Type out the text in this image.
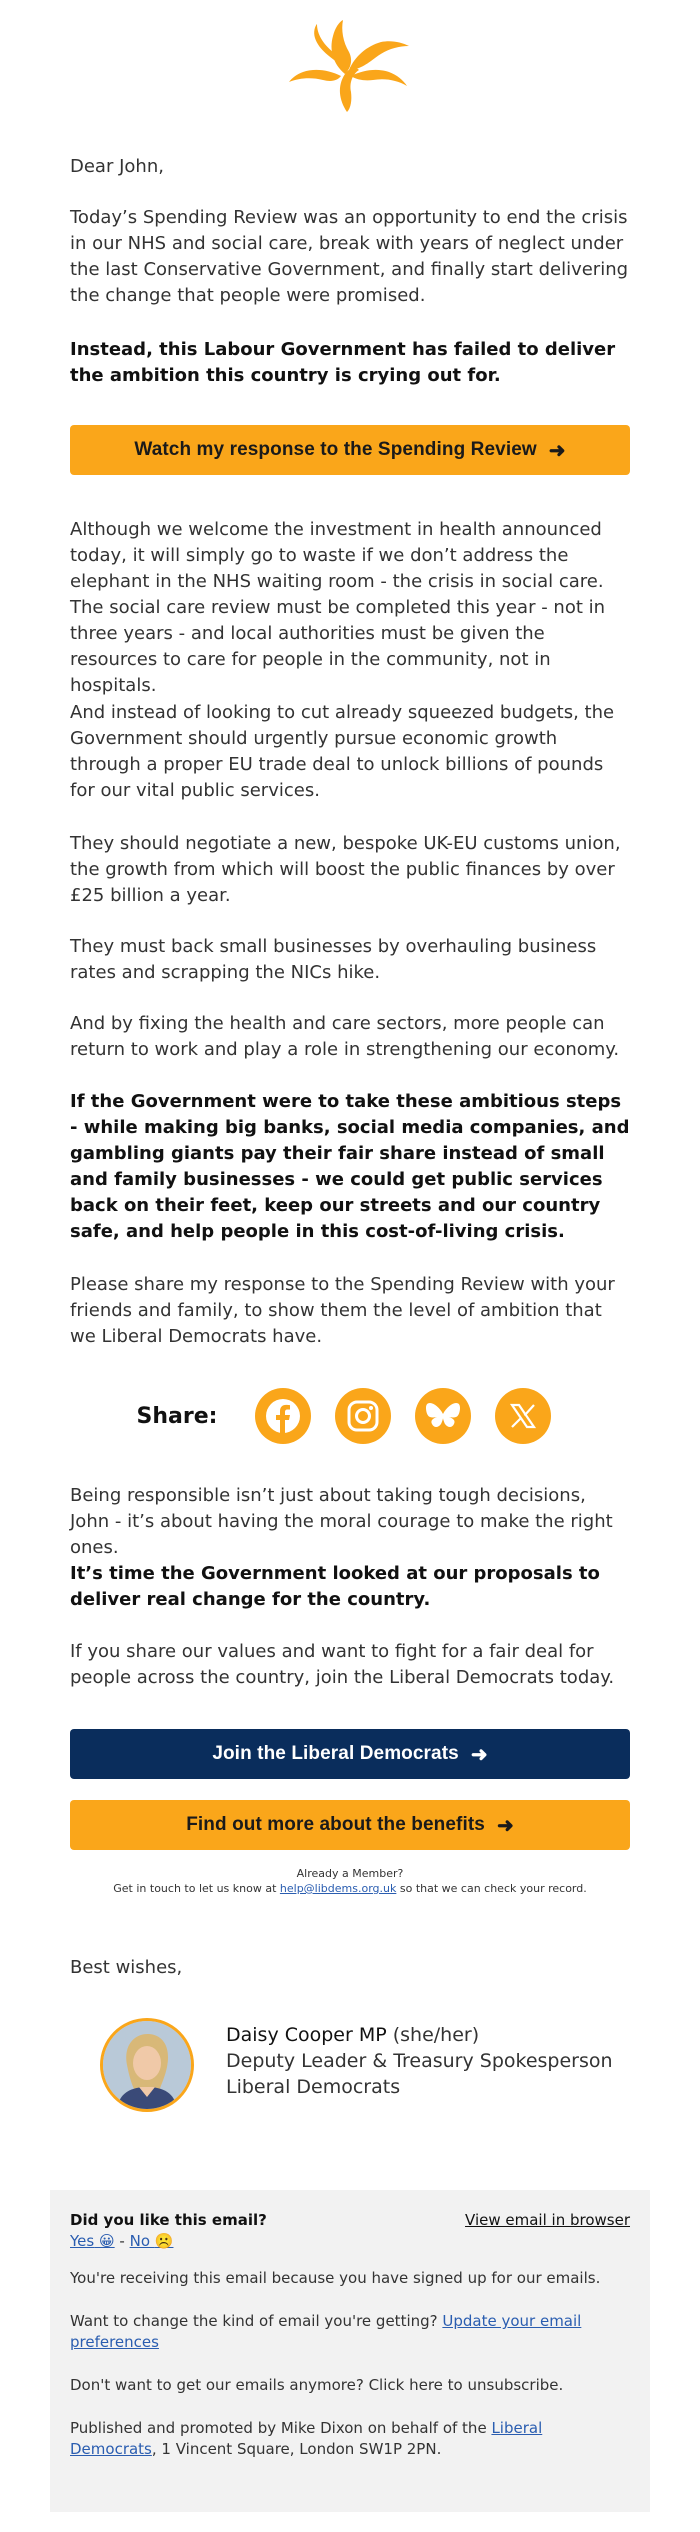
Dear John,

Today’s Spending Review was an opportunity to end the crisis in our NHS and social care, break with years of neglect under the last Conservative Government, and finally start delivering the change that people were promised.

Instead, this Labour Government has failed to deliver the ambition this country is crying out for.

Watch my response to the Spending Review ➜

Although we welcome the investment in health announced today, it will simply go to waste if we don’t address the elephant in the NHS waiting room - the crisis in social care. The social care review must be completed this year - not in three years - and local authorities must be given the resources to care for people in the community, not in hospitals.

And instead of looking to cut already squeezed budgets, the Government should urgently pursue economic growth through a proper EU trade deal to unlock billions of pounds for our vital public services.

They should negotiate a new, bespoke UK-EU customs union, the growth from which will boost the public finances by over £25 billion a year.

They must back small businesses by overhauling business rates and scrapping the NICs hike.

And by fixing the health and care sectors, more people can return to work and play a role in strengthening our economy.

If the Government were to take these ambitious steps - while making big banks, social media companies, and gambling giants pay their fair share instead of small and family businesses - we could get public services back on their feet, keep our streets and our country safe, and help people in this cost-of-living crisis.

Please share my response to the Spending Review with your friends and family, to show them the level of ambition that we Liberal Democrats have.

Share:

Being responsible isn’t just about taking tough decisions, John - it’s about having the moral courage to make the right ones.

It’s time the Government looked at our proposals to deliver real change for the country.

If you share our values and want to fight for a fair deal for people across the country, join the Liberal Democrats today.

Join the Liberal Democrats ➜
Find out more about the benefits ➜
Already a Member?
Get in touch to let us know at help@libdems.org.uk so that we can check your record.

Best wishes,

Daisy Cooper MP (she/her)
Deputy Leader & Treasury Spokesperson
Liberal Democrats
Did you like this email?	View email in browser
Yes 😀 - No ☹️

You're receiving this email because you have signed up for our emails.

Want to change the kind of email you're getting? Update your email preferences

Don't want to get our emails anymore? Click here to unsubscribe.

Published and promoted by Mike Dixon on behalf of the Liberal Democrats, 1 Vincent Square, London SW1P 2PN.
